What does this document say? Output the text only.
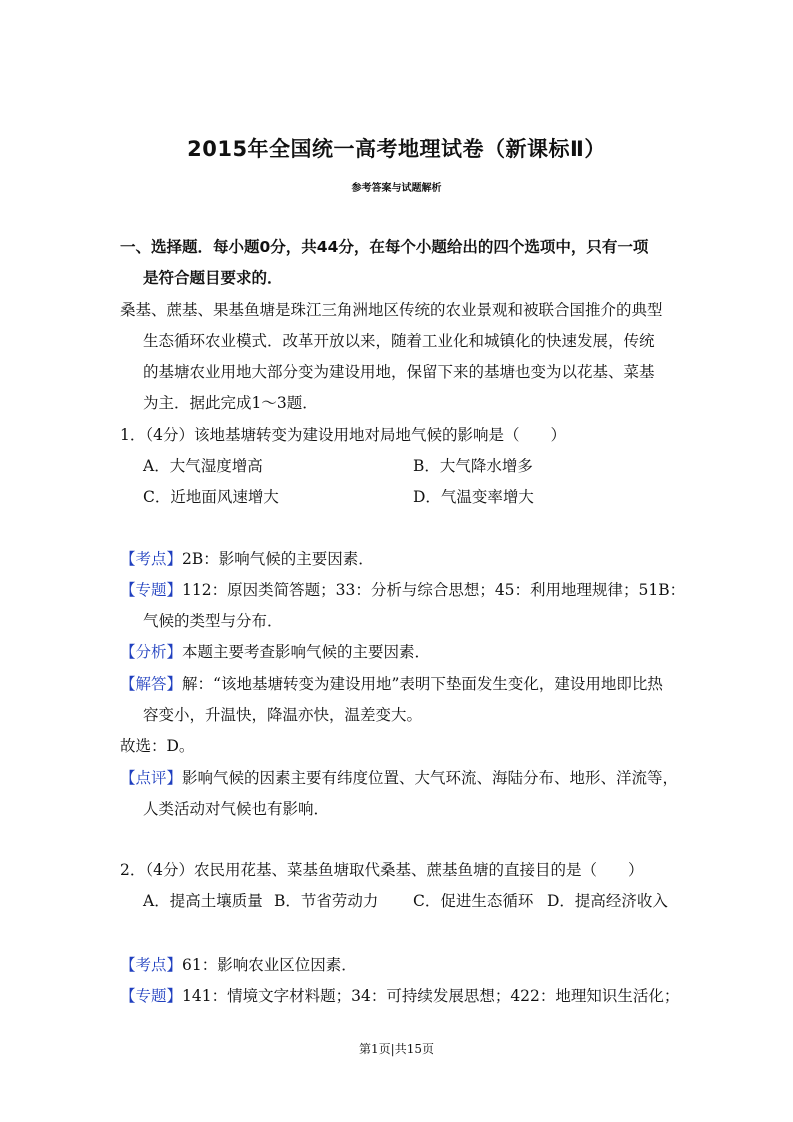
2015年全国统一高考地理试卷（新课标Ⅱ）
参考答案与试题解析
一、选择题．每小题0分，共44分，在每个小题给出的四个选项中，只有一项
是符合题目要求的．
桑基、蔗基、果基鱼塘是珠江三角洲地区传统的农业景观和被联合国推介的典型
生态循环农业模式．改革开放以来，随着工业化和城镇化的快速发展，传统
的基塘农业用地大部分变为建设用地，保留下来的基塘也变为以花基、菜基
为主．据此完成1～3题．
1．（4分）该地基塘转变为建设用地对局地气候的影响是（　　）
A．大气湿度增高	B．大气降水增多
C．近地面风速增大	D．气温变率增大
【考点】2B：影响气候的主要因素．
【专题】112：原因类简答题；33：分析与综合思想；45：利用地理规律；51B：
气候的类型与分布．
【分析】本题主要考查影响气候的主要因素．
【解答】解：“该地基塘转变为建设用地”表明下垫面发生变化，建设用地即比热
容变小，升温快，降温亦快，温差变大。
故选：D。
【点评】影响气候的因素主要有纬度位置、大气环流、海陆分布、地形、洋流等，
人类活动对气候也有影响．
2．（4分）农民用花基、菜基鱼塘取代桑基、蔗基鱼塘的直接目的是（　　）
A．提高土壤质量 B．节省劳动力 C．促进生态循环 D．提高经济收入
【考点】61：影响农业区位因素．
【专题】141：情境文字材料题；34：可持续发展思想；422：地理知识生活化；
第1页|共15页
